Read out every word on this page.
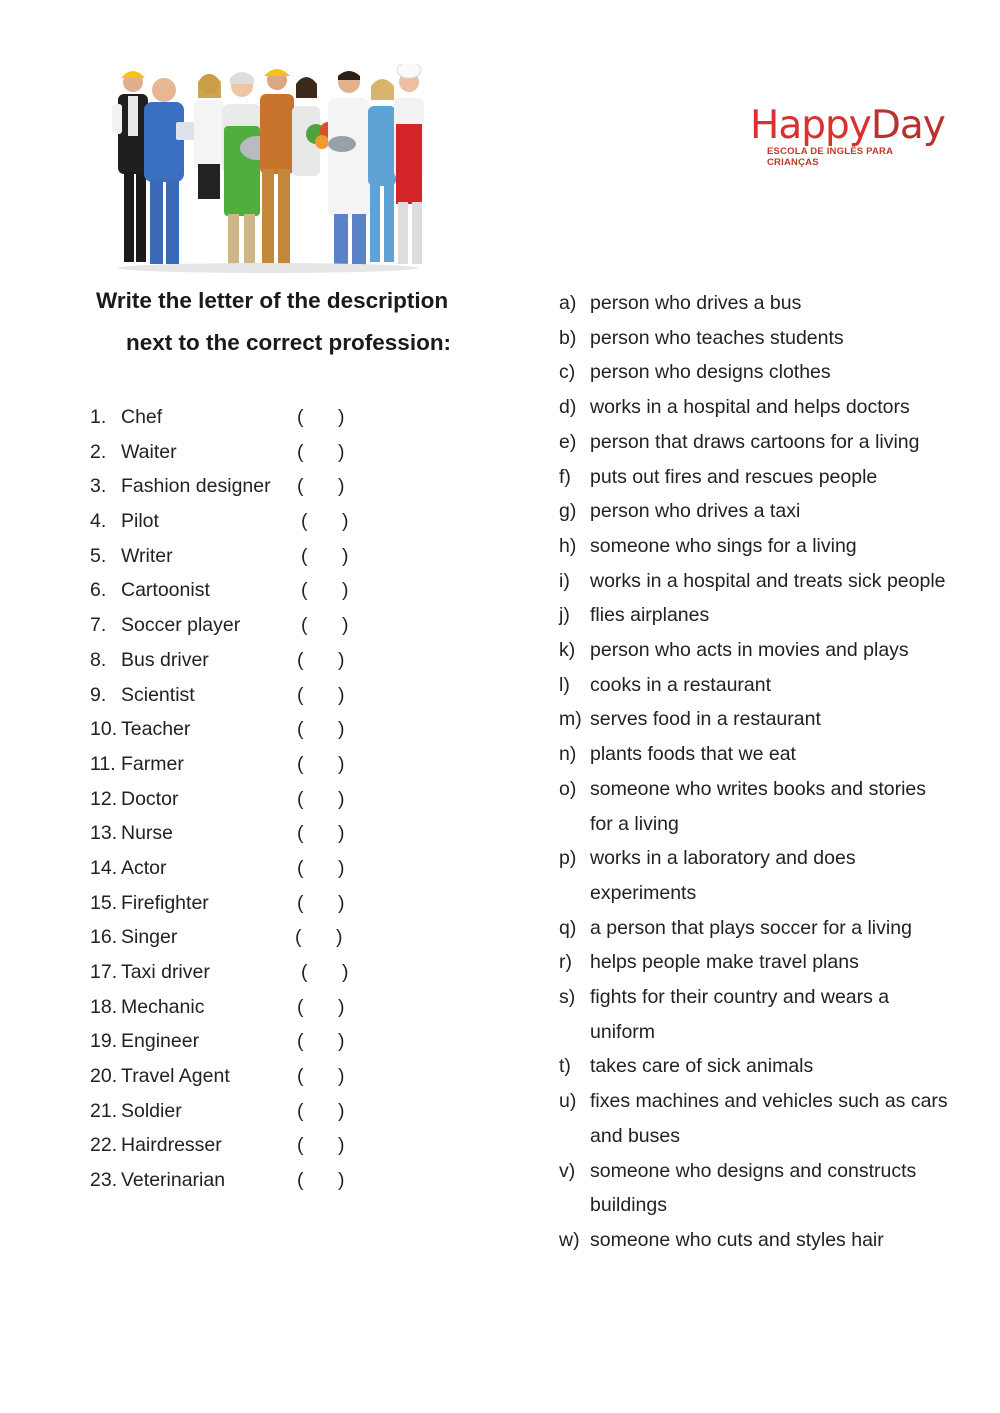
HappyDay
ESCOLA DE INGLÊS PARA CRIANÇAS
Write the letter of the description
next to the correct profession:
1. Chef	( )
2. Waiter	( )
3. Fashion designer ( )
4. Pilot	( )
5. Writer	( )
6. Cartoonist	( )
7. Soccer player	( )
8. Bus driver	( )
9. Scientist	( )
10. Teacher	( )
11. Farmer	( )
12. Doctor	( )
13. Nurse	( )
14. Actor	( )
15. Firefighter	( )
16. Singer	( )
17. Taxi driver	( )
18. Mechanic	( )
19. Engineer	( )
20. Travel Agent	( )
21. Soldier	( )
22. Hairdresser	( )
23. Veterinarian	( )
a) person who drives a bus
b) person who teaches students
c) person who designs clothes
d) works in a hospital and helps doctors
e) person that draws cartoons for a living
f) puts out fires and rescues people
g) person who drives a taxi
h) someone who sings for a living
i) works in a hospital and treats sick people
j) flies airplanes
k) person who acts in movies and plays
l) cooks in a restaurant
m) serves food in a restaurant
n) plants foods that we eat
o) someone who writes books and stories for a living
p) works in a laboratory and does experiments
q) a person that plays soccer for a living
r) helps people make travel plans
s) fights for their country and wears a uniform
t) takes care of sick animals
u) fixes machines and vehicles such as cars and buses
v) someone who designs and constructs buildings
w) someone who cuts and styles hair
